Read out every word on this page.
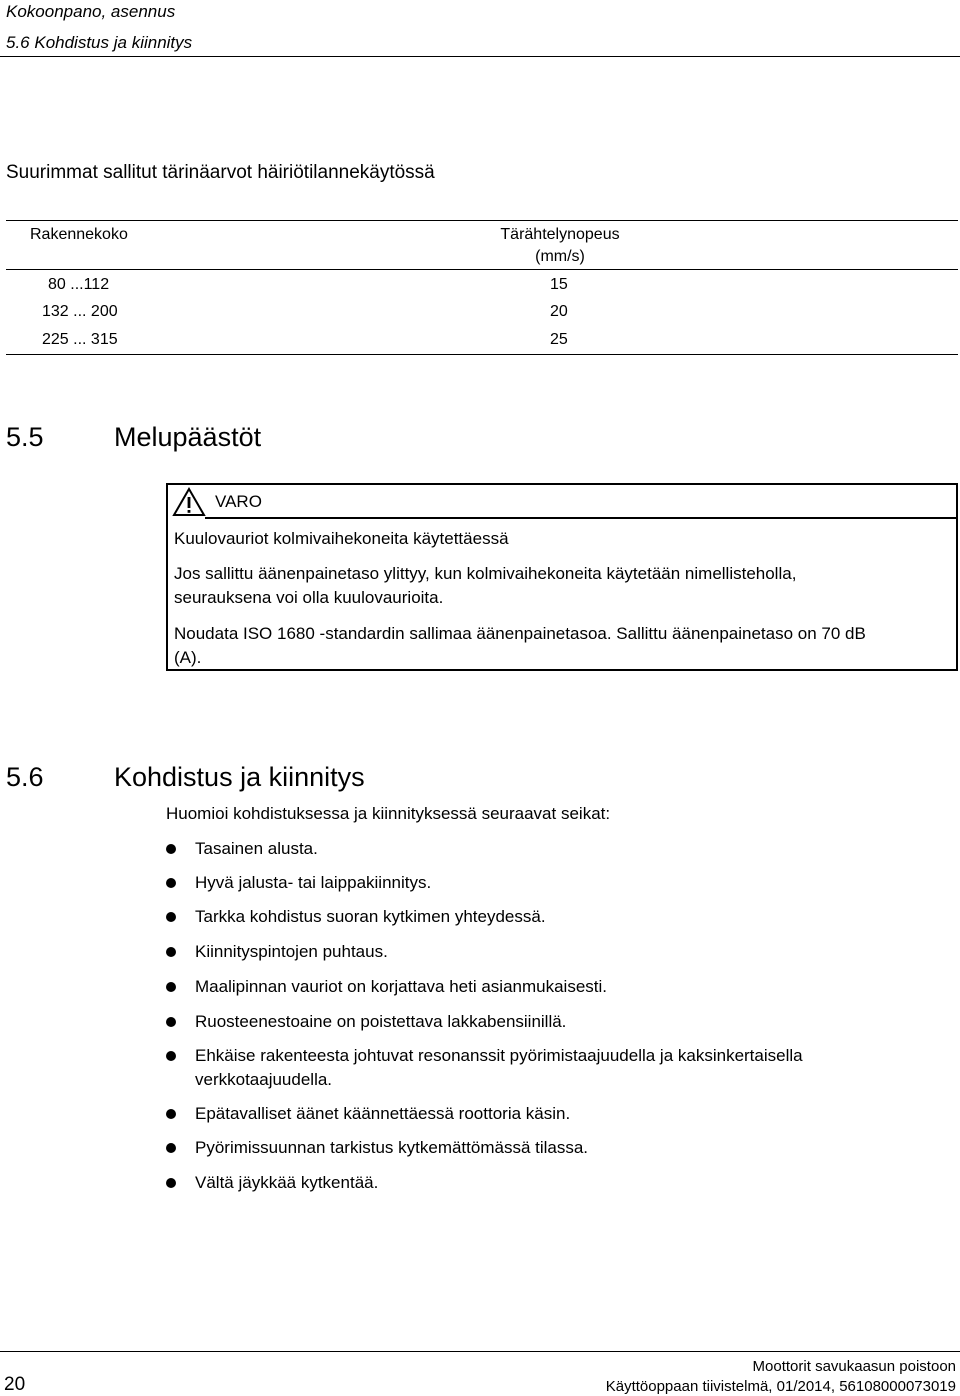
Kokoonpano, asennus
5.6 Kohdistus ja kiinnitys
Suurimmat sallitut tärinäarvot häiriötilannekäytössä
Rakennekoko	Tärähtelynopeus
(mm/s)
80 ...112	15
132 ... 200	20
225 ... 315	25
5.5	Melupäästöt
VARO
Kuulovauriot kolmivaihekoneita käytettäessä
Jos sallittu äänenpainetaso ylittyy, kun kolmivaihekoneita käytetään nimellisteholla,
seurauksena voi olla kuulovaurioita.
Noudata ISO 1680 -standardin sallimaa äänenpainetasoa. Sallittu äänenpainetaso on 70 dB
(A).
5.6	Kohdistus ja kiinnitys
Huomioi kohdistuksessa ja kiinnityksessä seuraavat seikat:
Tasainen alusta.
Hyvä jalusta- tai laippakiinnitys.
Tarkka kohdistus suoran kytkimen yhteydessä.
Kiinnityspintojen puhtaus.
Maalipinnan vauriot on korjattava heti asianmukaisesti.
Ruosteenestoaine on poistettava lakkabensiinillä.
Ehkäise rakenteesta johtuvat resonanssit pyörimistaajuudella ja kaksinkertaisella verkkotaajuudella.
Epätavalliset äänet käännettäessä roottoria käsin.
Pyörimissuunnan tarkistus kytkemättömässä tilassa.
Vältä jäykkää kytkentää.
20
Moottorit savukaasun poistoon
Käyttöoppaan tiivistelmä, 01/2014, 56108000073019
